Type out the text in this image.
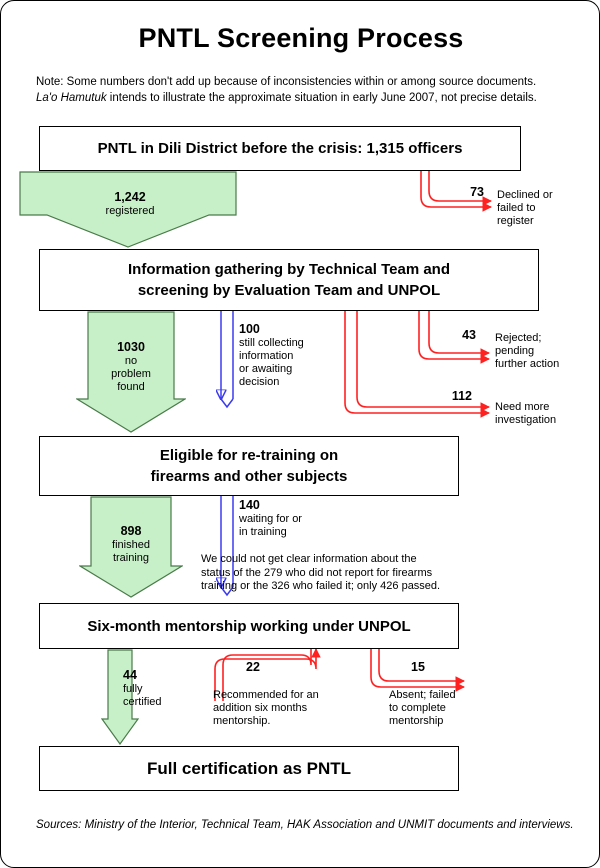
PNTL Screening Process
Note: Some numbers don't add up because of inconsistencies within or among source documents.
La'o Hamutuk intends to illustrate the approximate situation in early June 2007, not precise details.
PNTL in Dili District before the crisis: 1,315 officers
Information gathering by Technical Team and
screening by Evaluation Team and UNPOL
Eligible for re-training on
firearms and other subjects
Six-month mentorship working under UNPOL
Full certification as PNTL
1,242
registered
1030
no
problem
found
898
finished
training
44
fully
certified
100
still collecting
information
or awaiting
decision
140
waiting for or
in training
73 Declined or
failed to
register
43 Rejected;
pending
further action
112
Need more
investigation
22
Recommended for an
addition six months
mentorship.
15
Absent; failed
to complete
mentorship
We could not get clear information about the
status of the 279 who did not report for firearms
training or the 326 who failed it; only 426 passed.
Sources: Ministry of the Interior, Technical Team, HAK Association and UNMIT documents and interviews.
